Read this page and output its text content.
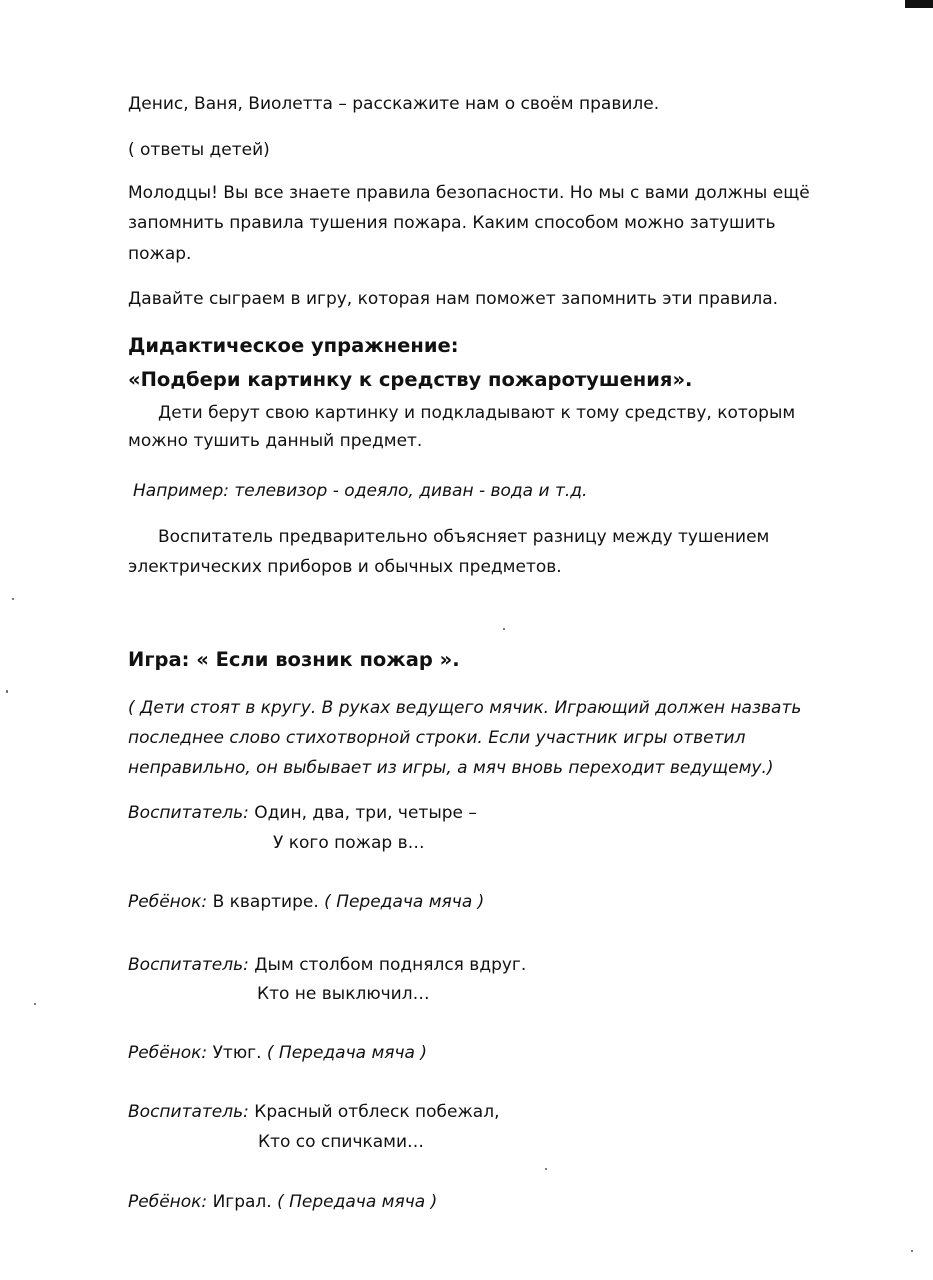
Денис, Ваня, Виолетта – расскажите нам о своём правиле.

( ответы детей)

Молодцы! Вы все знаете правила безопасности. Но мы с вами должны ещё

запомнить правила тушения пожара. Каким способом можно затушить

пожар.

Давайте сыграем в игру, которая нам поможет запомнить эти правила.

Дидактическое упражнение:

«Подбери картинку к средству пожаротушения».

Дети берут свою картинку и подкладывают к тому средству, которым

можно тушить данный предмет.

Например: телевизор - одеяло, диван - вода и т.д.

Воспитатель предварительно объясняет разницу между тушением

электрических приборов и обычных предметов.

Игра: « Если возник пожар ».

( Дети стоят в кругу. В руках ведущего мячик. Играющий должен назвать

последнее слово стихотворной строки. Если участник игры ответил

неправильно, он выбывает из игры, а мяч вновь переходит ведущему.)

Воспитатель: Один, два, три, четыре –

У кого пожар в…

Ребёнок: В квартире. ( Передача мяча )

Воспитатель: Дым столбом поднялся вдруг.

Кто не выключил…

Ребёнок: Утюг. ( Передача мяча )

Воспитатель: Красный отблеск побежал,

Кто со спичками…

Ребёнок: Играл. ( Передача мяча )
